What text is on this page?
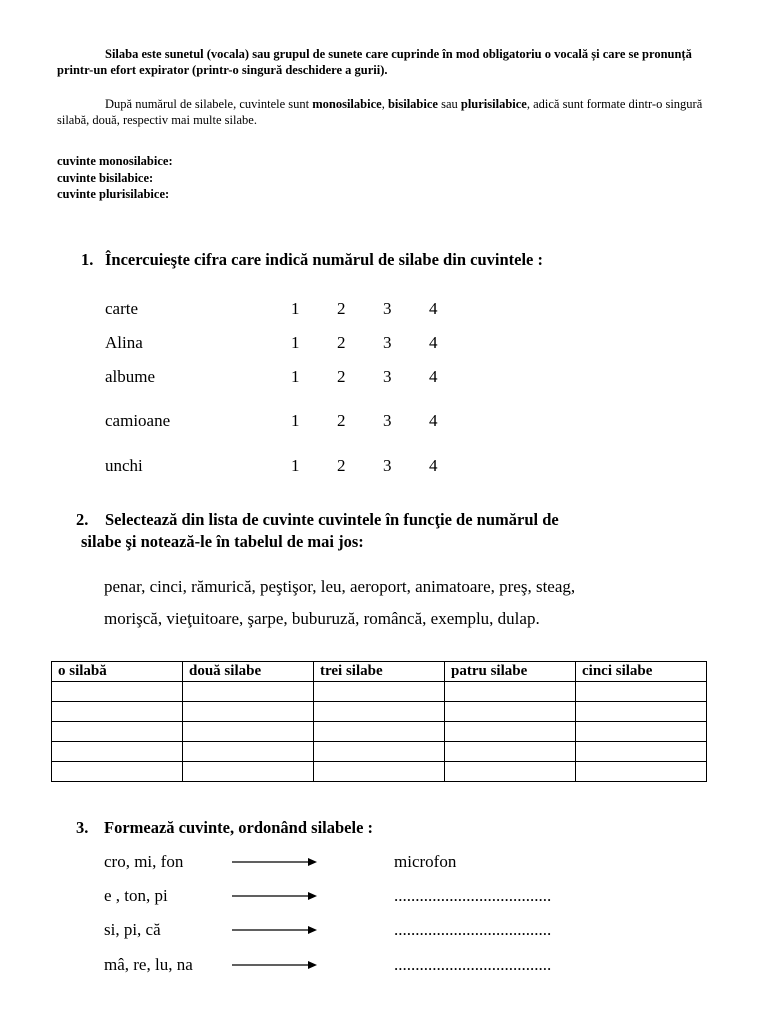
Silaba este sunetul (vocala) sau grupul de sunete care cuprinde în mod obligatoriu o vocală și care se pronunță printr-un efort expirator (printr-o singură deschidere a gurii).
După numărul de silabele, cuvintele sunt monosilabice, bisilabice sau plurisilabice, adică sunt formate dintr-o singură silabă, două, respectiv mai multe silabe.
cuvinte monosilabice:
cuvinte bisilabice:
cuvinte plurisilabice:
1. Încercuieşte cifra care indică numărul de silabe din cuvintele :
carte	1	2	3	4
Alina	1	2	3	4
albume	1	2	3	4
camioane	1	2	3	4
unchi	1	2	3	4
2. Selectează din lista de cuvinte cuvintele în funcţie de numărul de
silabe şi notează-le în tabelul de mai jos:
penar, cinci, rămurică, peştişor, leu, aeroport, animatoare, preş, steag,
morişcă, vieţuitoare, şarpe, buburuză, româncă, exemplu, dulap.
o silabă	două silabe	trei silabe	patru silabe	cinci silabe

3. Formează cuvinte, ordonând silabele :
cro, mi, fon	microfon
e , ton, pi	.....................................
si, pi, că	.....................................
mâ, re, lu, na	.....................................
